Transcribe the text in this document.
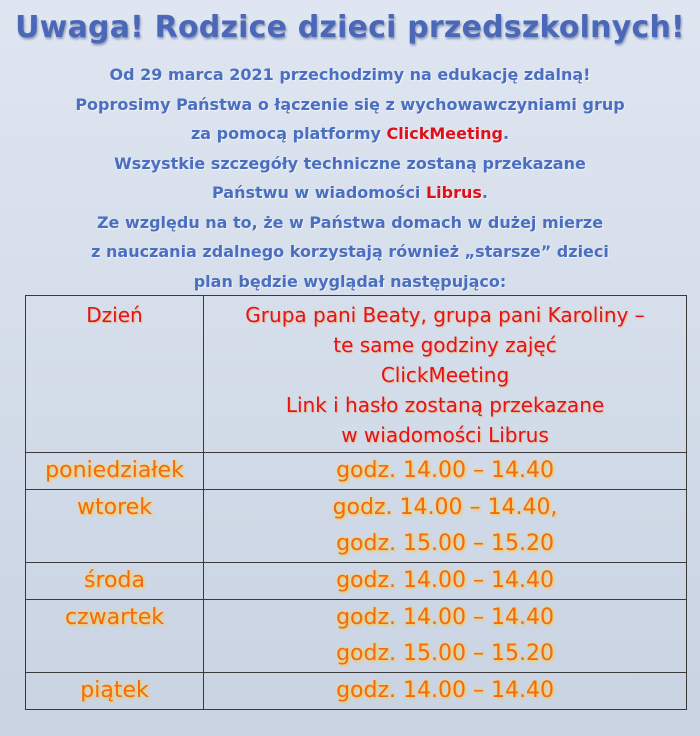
Uwaga! Rodzice dzieci przedszkolnych!
Od 29 marca 2021 przechodzimy na edukację zdalną!
Poprosimy Państwa o łączenie się z wychowawczyniami grup
za pomocą platformy ClickMeeting.
Wszystkie szczegóły techniczne zostaną przekazane
Państwu w wiadomości Librus.
Ze względu na to, że w Państwa domach w dużej mierze
z nauczania zdalnego korzystają również „starsze” dzieci
plan będzie wyglądał następująco:
Dzień	Grupa pani Beaty, grupa pani Karoliny –
te same godziny zajęć
ClickMeeting
Link i hasło zostaną przekazane
w wiadomości Librus

poniedziałek	godz. 14.00 – 14.40

wtorek	godz. 14.00 – 14.40,
godz. 15.00 – 15.20

środa	godz. 14.00 – 14.40

czwartek	godz. 14.00 – 14.40
godz. 15.00 – 15.20

piątek	godz. 14.00 – 14.40
